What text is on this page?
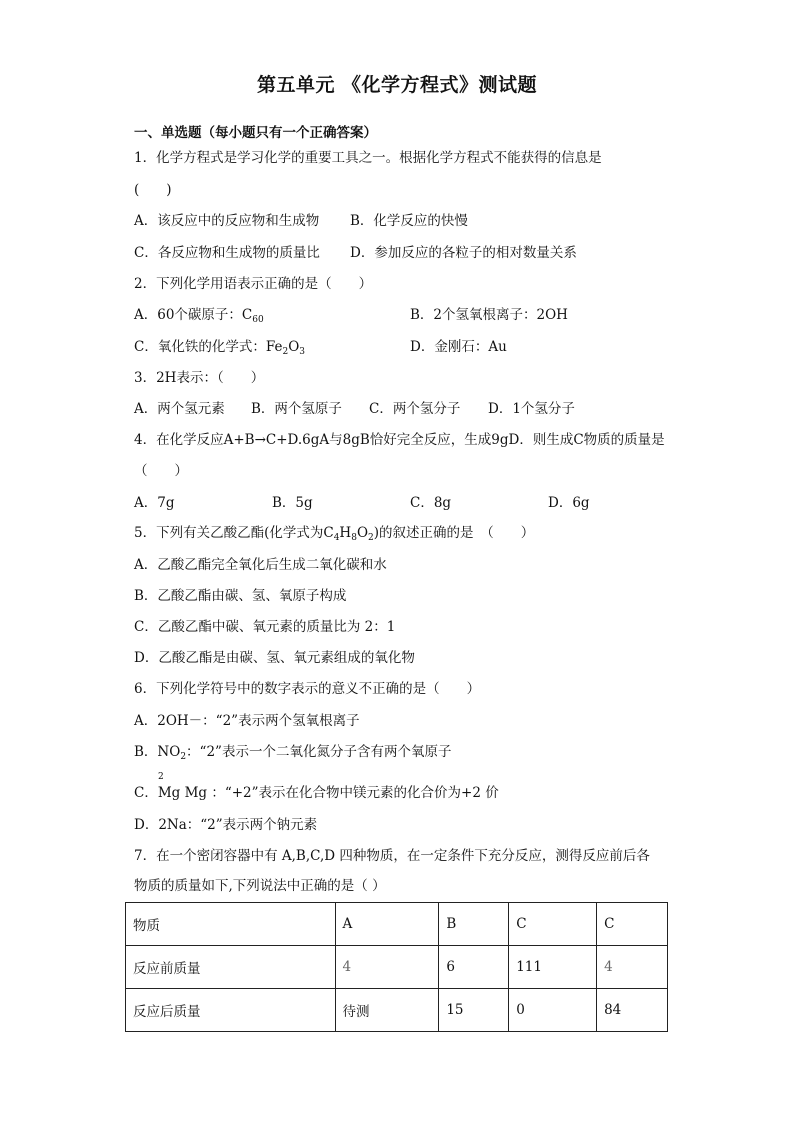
第五单元 《化学方程式》测试题
一、单选题（每小题只有一个正确答案）
1．化学方程式是学习化学的重要工具之一。根据化学方程式不能获得的信息是
(　　)
A．该反应中的反应物和生成物 B．化学反应的快慢
C．各反应物和生成物的质量比 D．参加反应的各粒子的相对数量关系
2．下列化学用语表示正确的是（　　）
A．60个碳原子：$C_{60}$	B．2个氢氧根离子：2OH
C．氧化铁的化学式：$Fe_2O_3$	D．金刚石：Au
3．2H表示：（　　）
A．两个氢元素 B．两个氢原子 C．两个氢分子 D．1个氢分子
4．在化学反应A+B→C+D.6gA与8gB恰好完全反应，生成9gD．则生成C物质的质量是
（　　）
A．7g	B．5g	C．8g	D．6g
5．下列有关乙酸乙酯(化学式为$C_4H_8O_2$)的叙述正确的是　（　　）
A．乙酸乙酯完全氧化后生成二氧化碳和水
B．乙酸乙酯由碳、氢、氧原子构成
C．乙酸乙酯中碳、氧元素的质量比为 2：1
D．乙酸乙酯是由碳、氢、氧元素组成的氧化物
6．下列化学符号中的数字表示的意义不正确的是（　　）
A．2OH－：“2”表示两个氢氧根离子
B．$NO_2$：“2”表示一个二氧化氮分子含有两个氧原子
2
C．Mg Mg ：“+2”表示在化合物中镁元素的化合价为+2 价
D．2Na：“2”表示两个钠元素
7．在一个密闭容器中有 A,B,C,D 四种物质，在一定条件下充分反应，测得反应前后各
物质的质量如下,下列说法中正确的是（ ）
物质	A	B	C	C
反应前质量	4	6	111	4
反应后质量	待测	15	0	84
